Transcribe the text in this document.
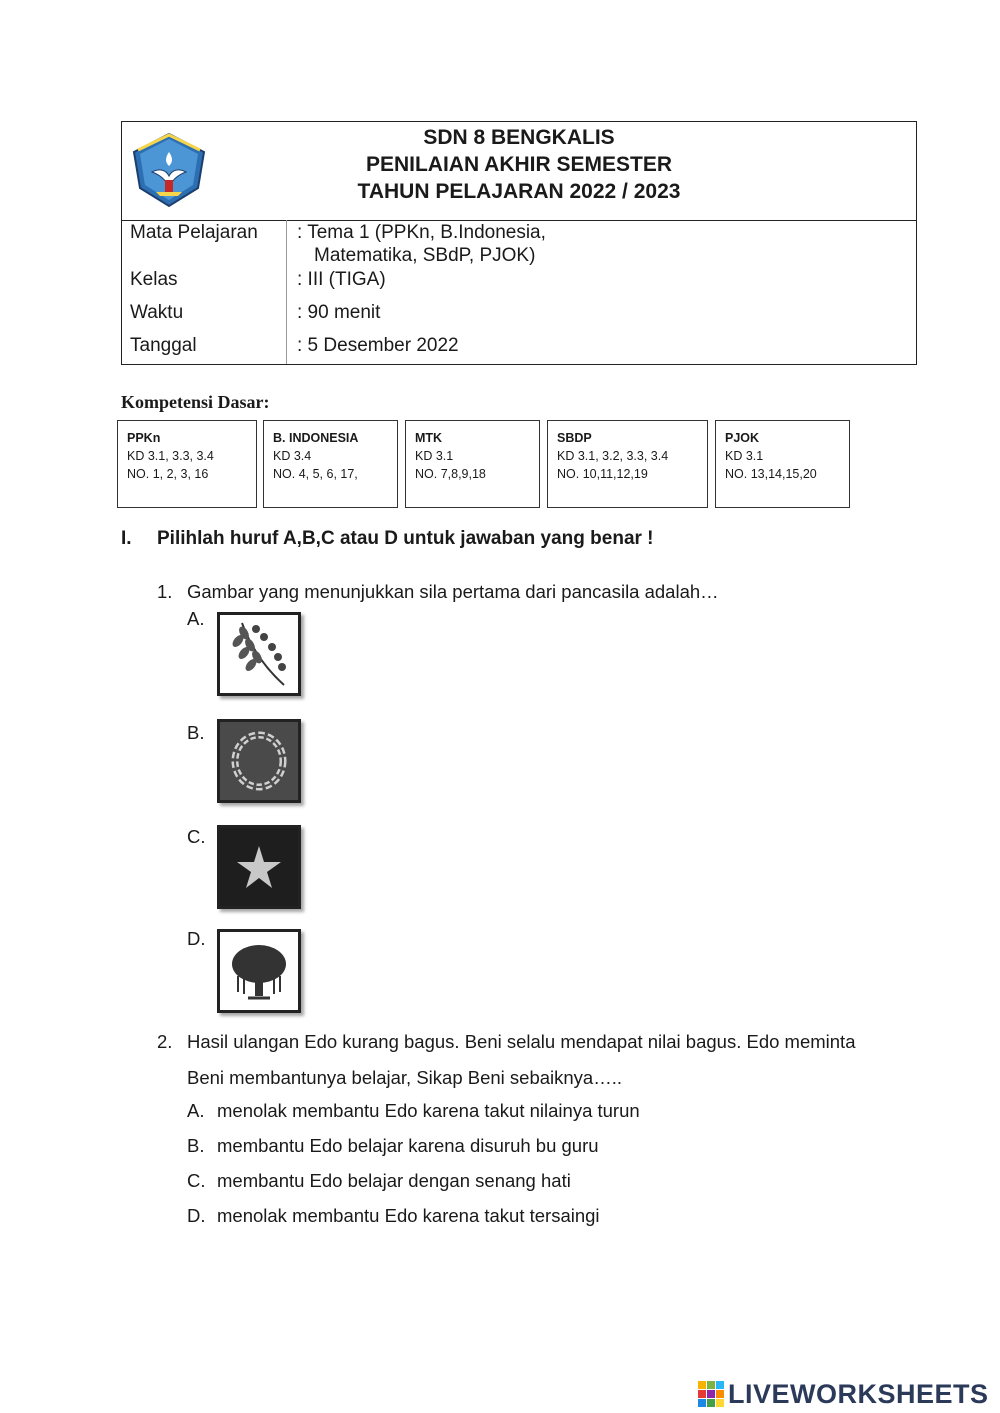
SDN 8 BENGKALIS
PENILAIAN AKHIR SEMESTER
TAHUN PELAJARAN 2022 / 2023
Mata Pelajaran : Tema 1 (PPKn, B.Indonesia,
Matematika, SBdP, PJOK)
Kelas	: III (TIGA)
Waktu	: 90 menit
Tanggal	: 5 Desember 2022
Kompetensi Dasar:
PPKn
KD 3.1, 3.3, 3.4
NO. 1, 2, 3, 16
B. INDONESIA
KD 3.4
NO. 4, 5, 6, 17,
MTK
KD 3.1
NO. 7,8,9,18
SBDP
KD 3.1, 3.2, 3.3, 3.4
NO. 10,11,12,19
PJOK
KD 3.1
NO. 13,14,15,20
I. Pilihlah huruf A,B,C atau D untuk jawaban yang benar !
1. Gambar yang menunjukkan sila pertama dari pancasila adalah…
A.
B.
C.
D.
2. Hasil ulangan Edo kurang bagus. Beni selalu mendapat nilai bagus. Edo meminta
Beni membantunya belajar, Sikap Beni sebaiknya…..
A. menolak membantu Edo karena takut nilainya turun
B. membantu Edo belajar karena disuruh bu guru
C. membantu Edo belajar dengan senang hati
D. menolak membantu Edo karena takut tersaingi
LIVEWORKSHEETS
